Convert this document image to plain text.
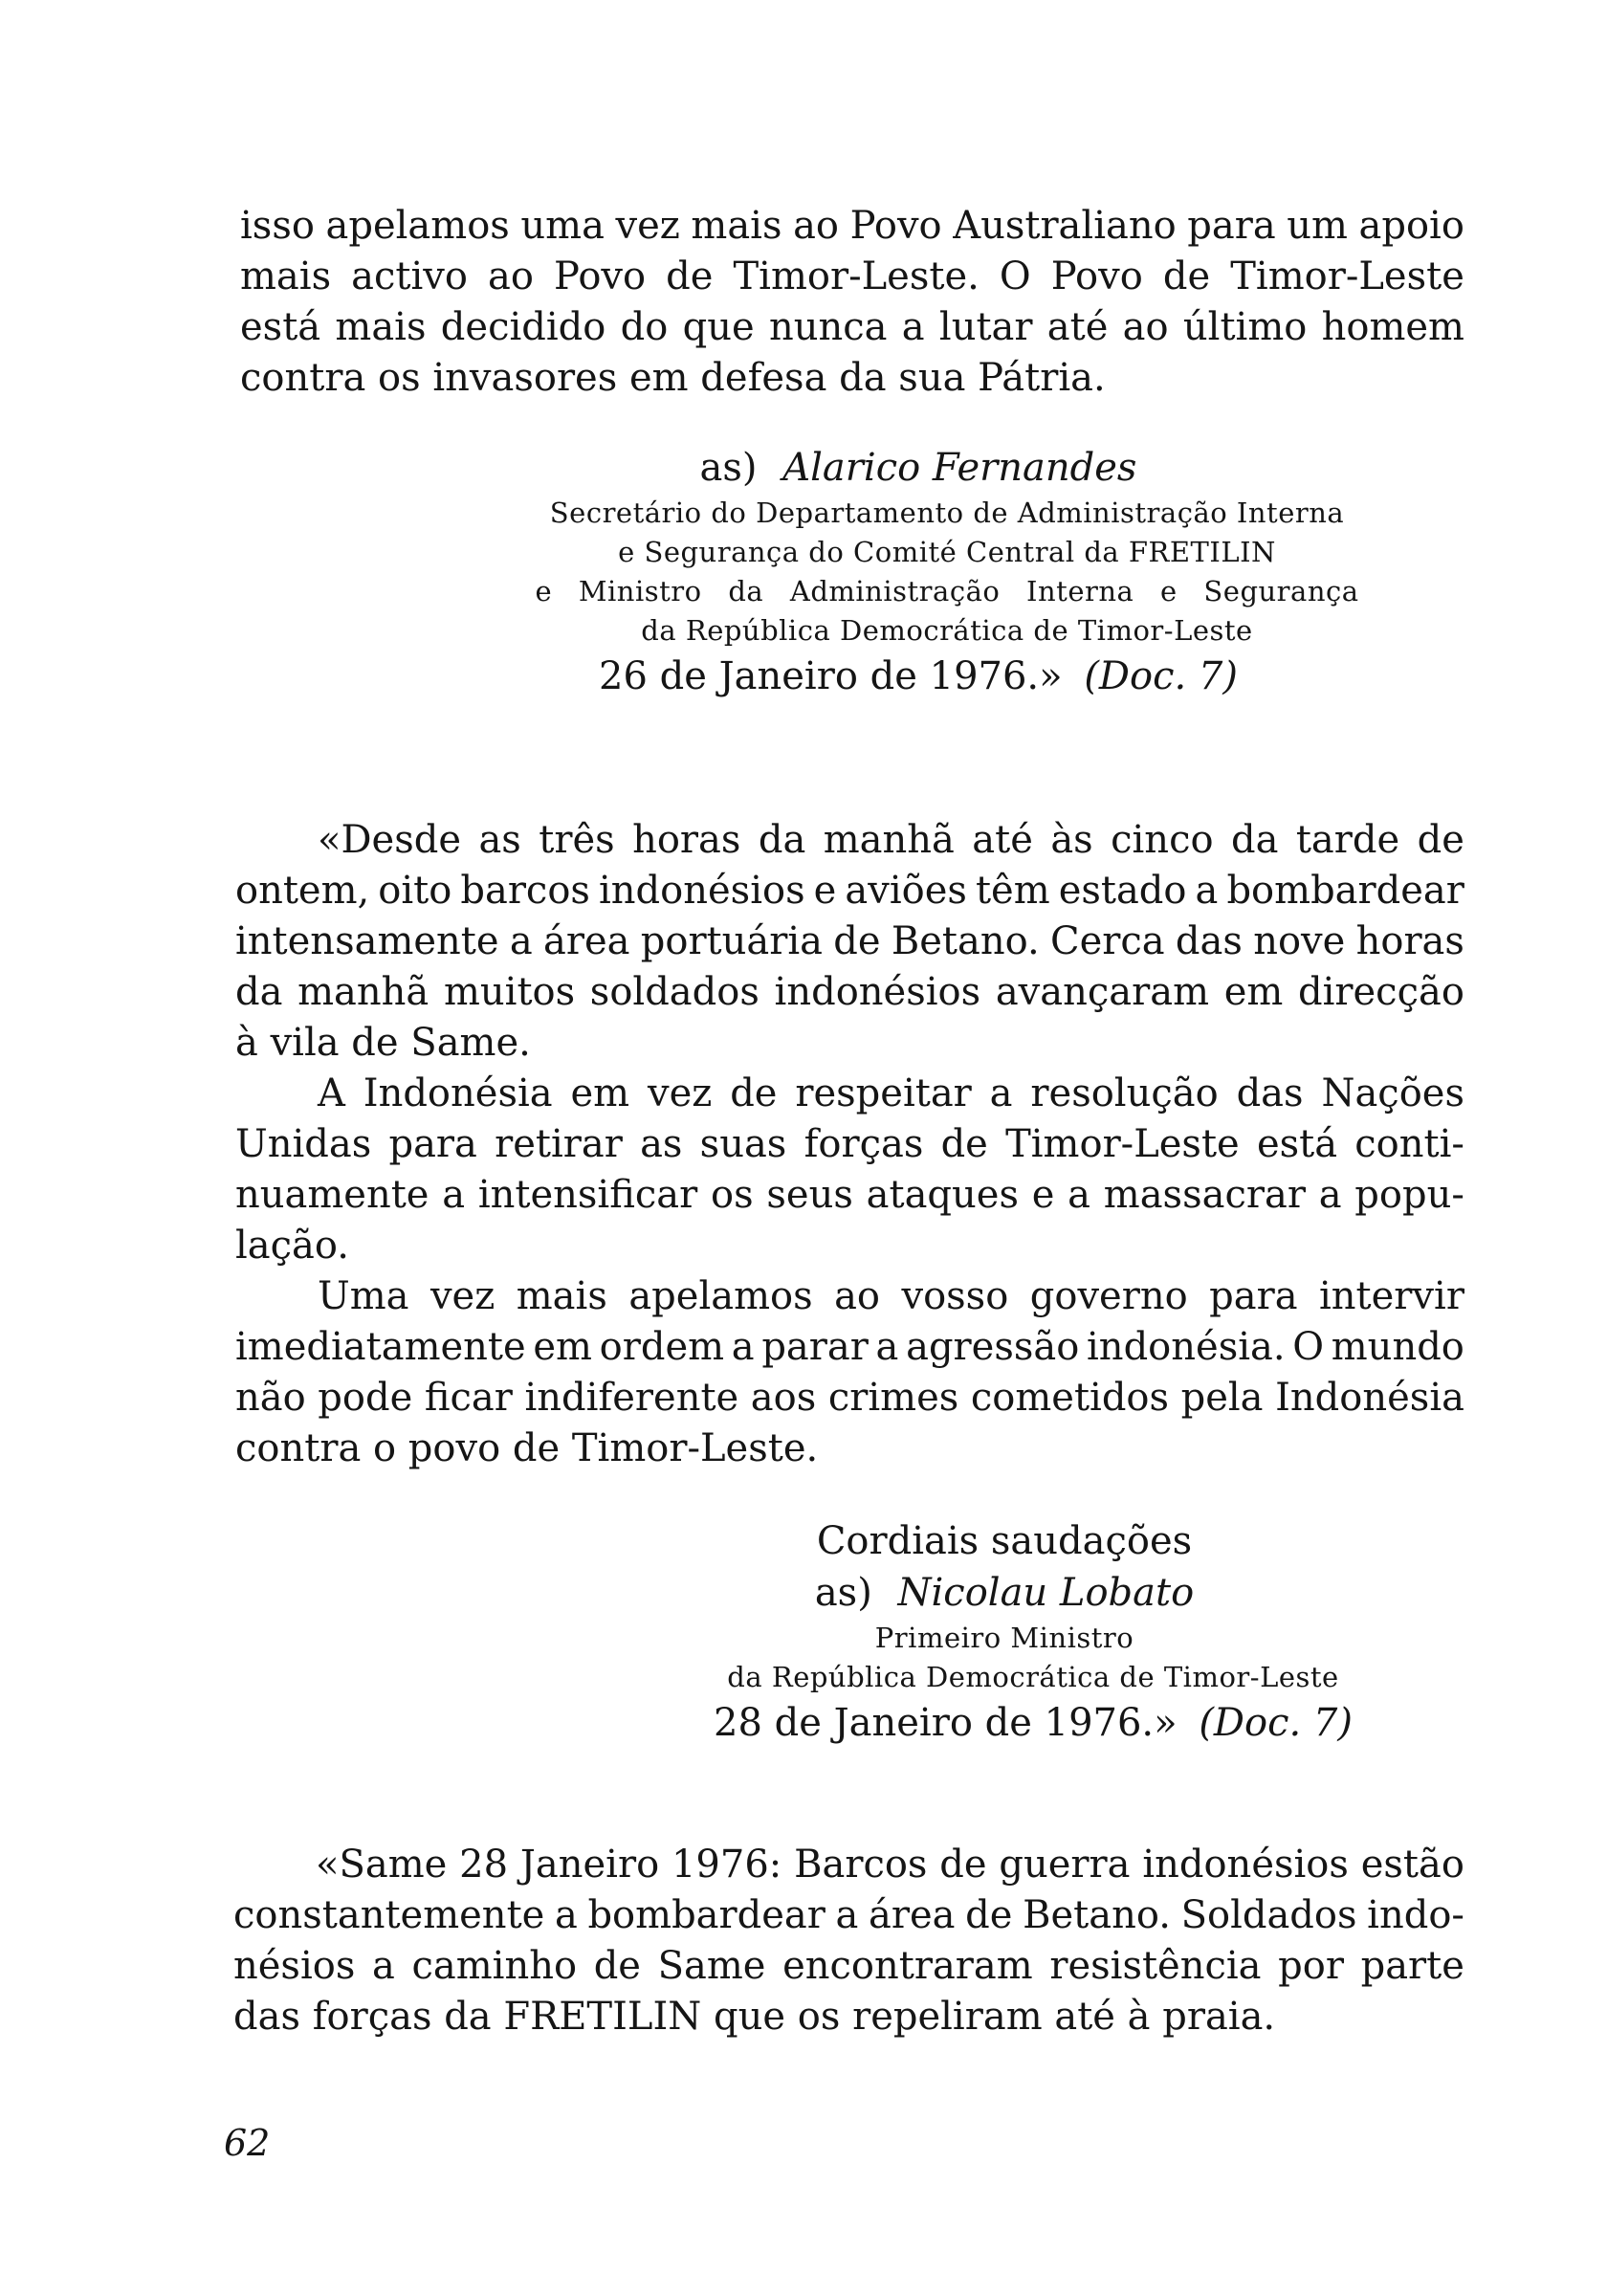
isso apelamos uma vez mais ao Povo Australiano para um apoio
mais activo ao Povo de Timor-Leste. O Povo de Timor-Leste
está mais decidido do que nunca a lutar até ao último homem
contra os invasores em defesa da sua Pátria.
as) Alarico Fernandes
Secretário do Departamento de Administração Interna
e Segurança do Comité Central da FRETILIN
e Ministro da Administração Interna e Segurança
da República Democrática de Timor-Leste
26 de Janeiro de 1976.» (Doc. 7)
«Desde as três horas da manhã até às cinco da tarde de
ontem, oito barcos indonésios e aviões têm estado a bombardear
intensamente a área portuária de Betano. Cerca das nove horas
da manhã muitos soldados indonésios avançaram em direcção
à vila de Same.
A Indonésia em vez de respeitar a resolução das Nações
Unidas para retirar as suas forças de Timor-Leste está conti-
nuamente a intensificar os seus ataques e a massacrar a popu-
lação.
Uma vez mais apelamos ao vosso governo para intervir
imediatamente em ordem a parar a agressão indonésia. O mundo
não pode ficar indiferente aos crimes cometidos pela Indonésia
contra o povo de Timor-Leste.
Cordiais saudações
as) Nicolau Lobato
Primeiro Ministro
da República Democrática de Timor-Leste
28 de Janeiro de 1976.» (Doc. 7)
«Same 28 Janeiro 1976: Barcos de guerra indonésios estão
constantemente a bombardear a área de Betano. Soldados indo-
nésios a caminho de Same encontraram resistência por parte
das forças da FRETILIN que os repeliram até à praia.
62
